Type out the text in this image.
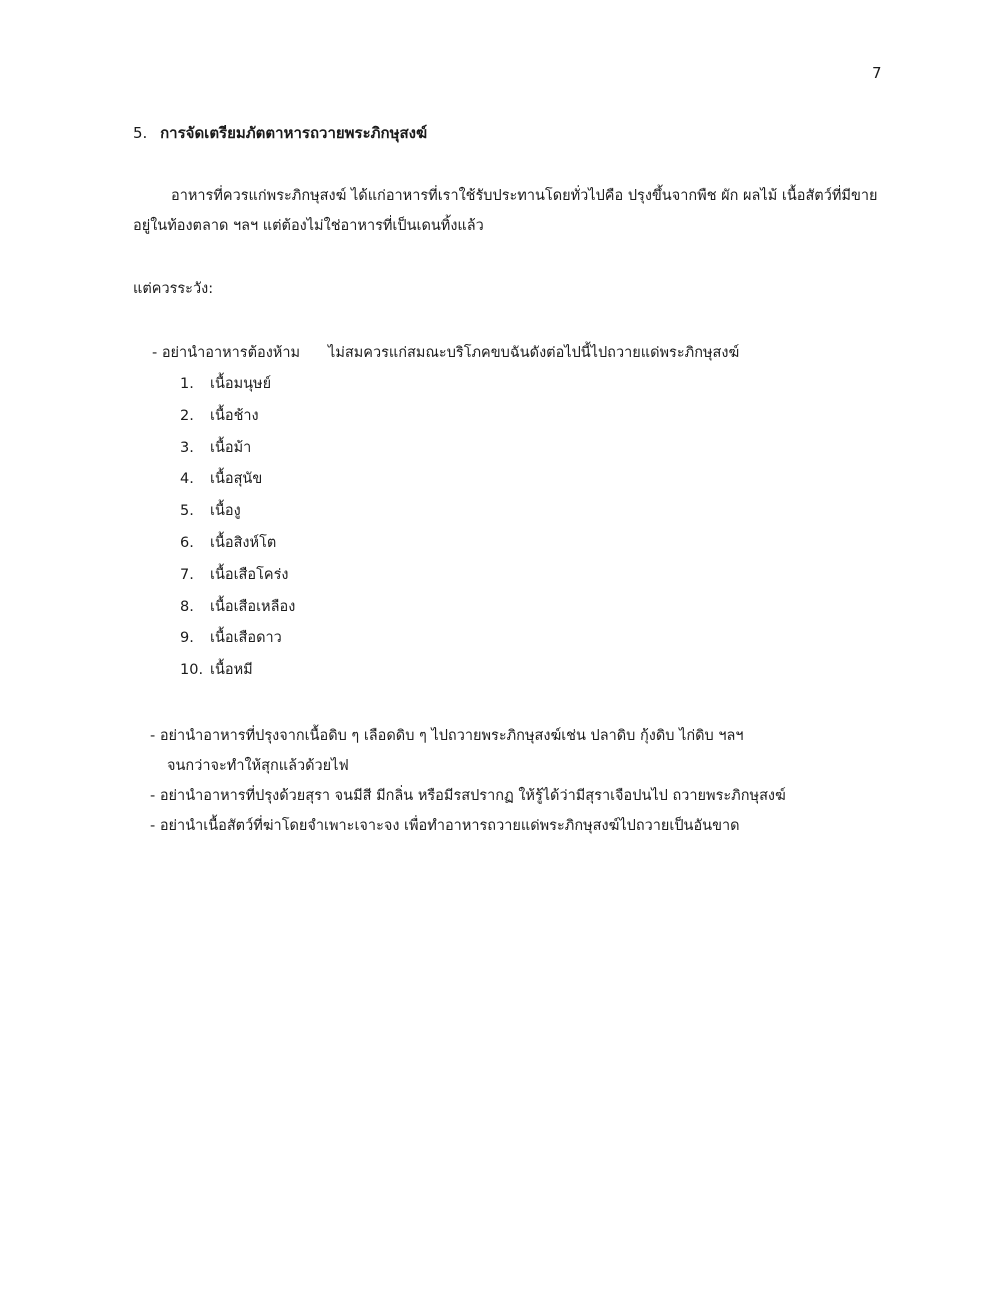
7
5. การจัดเตรียมภัตตาหารถวายพระภิกษุสงฆ์
อาหารที่ควรแก่พระภิกษุสงฆ์ ได้แก่อาหารที่เราใช้รับประทานโดยทั่วไปคือ ปรุงขึ้นจากพืช ผัก ผลไม้ เนื้อสัตว์ที่มีขาย
อยู่ในท้องตลาด ฯลฯ แต่ต้องไม่ใช่อาหารที่เป็นเดนทิ้งแล้ว
แต่ควรระวัง:
- อย่านำอาหารต้องห้าม ไม่สมควรแก่สมณะบริโภคขบฉันดังต่อไปนี้ไปถวายแด่พระภิกษุสงฆ์
1. เนื้อมนุษย์
2. เนื้อช้าง
3. เนื้อม้า
4. เนื้อสุนัข
5. เนื้องู
6. เนื้อสิงห์โต
7. เนื้อเสือโคร่ง
8. เนื้อเสือเหลือง
9. เนื้อเสือดาว
10. เนื้อหมี
- อย่านำอาหารที่ปรุงจากเนื้อดิบ ๆ เลือดดิบ ๆ ไปถวายพระภิกษุสงฆ์เช่น ปลาดิบ กุ้งดิบ ไก่ดิบ ฯลฯ
จนกว่าจะทำให้สุกแล้วด้วยไฟ
- อย่านำอาหารที่ปรุงด้วยสุรา จนมีสี มีกลิ่น หรือมีรสปรากฏ ให้รู้ได้ว่ามีสุราเจือปนไป ถวายพระภิกษุสงฆ์
- อย่านำเนื้อสัตว์ที่ฆ่าโดยจำเพาะเจาะจง เพื่อทำอาหารถวายแด่พระภิกษุสงฆ์ไปถวายเป็นอันขาด
